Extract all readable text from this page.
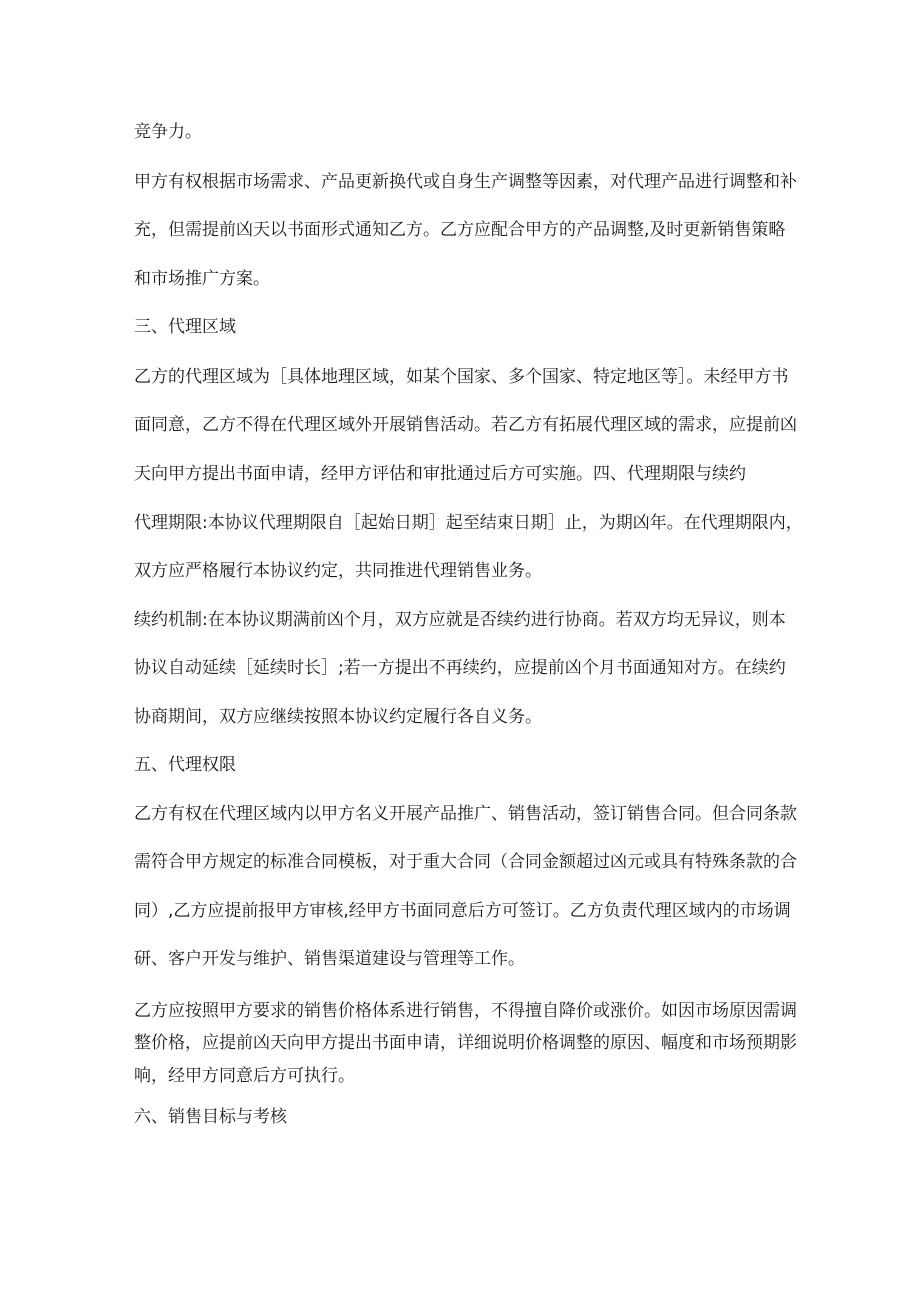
竞争力。
甲方有权根据市场需求、产品更新换代或自身生产调整等因素，对代理产品进行调整和补
充，但需提前凶天以书面形式通知乙方。乙方应配合甲方的产品调整,及时更新销售策略
和市场推广方案。
三、代理区域
乙方的代理区域为［具体地理区域，如某个国家、多个国家、特定地区等］。未经甲方书
面同意，乙方不得在代理区域外开展销售活动。若乙方有拓展代理区域的需求，应提前凶
天向甲方提出书面申请，经甲方评估和审批通过后方可实施。四、代理期限与续约
代理期限:本协议代理期限自［起始日期］起至结束日期］止，为期凶年。在代理期限内，
双方应严格履行本协议约定，共同推进代理销售业务。
续约机制:在本协议期满前凶个月，双方应就是否续约进行协商。若双方均无异议，则本
协议自动延续［延续时长］;若一方提出不再续约，应提前凶个月书面通知对方。在续约
协商期间，双方应继续按照本协议约定履行各自义务。
五、代理权限
乙方有权在代理区域内以甲方名义开展产品推广、销售活动，签订销售合同。但合同条款
需符合甲方规定的标准合同模板，对于重大合同（合同金额超过凶元或具有特殊条款的合
同）,乙方应提前报甲方审核,经甲方书面同意后方可签订。乙方负责代理区域内的市场调
研、客户开发与维护、销售渠道建设与管理等工作。
乙方应按照甲方要求的销售价格体系进行销售，不得擅自降价或涨价。如因市场原因需调
整价格，应提前凶天向甲方提出书面申请，详细说明价格调整的原因、幅度和市场预期影
响，经甲方同意后方可执行。
六、销售目标与考核
